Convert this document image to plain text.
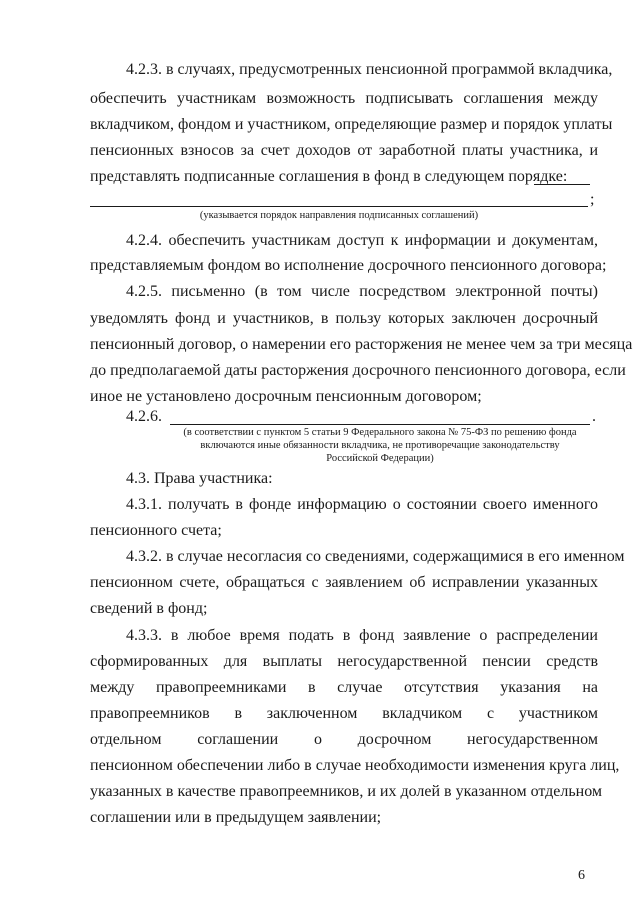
4.2.3. в случаях, предусмотренных пенсионной программой вкладчика,
обеспечить участникам возможность подписывать соглашения между
вкладчиком, фондом и участником, определяющие размер и порядок уплаты
пенсионных взносов за счет доходов от заработной платы участника, и
представлять подписанные соглашения в фонд в следующем порядке:
;
(указывается порядок направления подписанных соглашений)
4.2.4. обеспечить участникам доступ к информации и документам,
представляемым фондом во исполнение досрочного пенсионного договора;
4.2.5. письменно (в том числе посредством электронной почты)
уведомлять фонд и участников, в пользу которых заключен досрочный
пенсионный договор, о намерении его расторжения не менее чем за три месяца
до предполагаемой даты расторжения досрочного пенсионного договора, если
иное не установлено досрочным пенсионным договором;
4.2.6.	.
(в соответствии с пунктом 5 статьи 9 Федерального закона № 75-ФЗ по решению фонда
включаются иные обязанности вкладчика, не противоречащие законодательству
Российской Федерации)
4.3. Права участника:
4.3.1. получать в фонде информацию о состоянии своего именного
пенсионного счета;
4.3.2. в случае несогласия со сведениями, содержащимися в его именном
пенсионном счете, обращаться с заявлением об исправлении указанных
сведений в фонд;
4.3.3. в любое время подать в фонд заявление о распределении
сформированных для выплаты негосударственной пенсии средств
между правопреемниками в случае отсутствия указания на
правопреемников в заключенном вкладчиком с участником
отдельном соглашении о досрочном негосударственном
пенсионном обеспечении либо в случае необходимости изменения круга лиц,
указанных в качестве правопреемников, и их долей в указанном отдельном
соглашении или в предыдущем заявлении;
6
